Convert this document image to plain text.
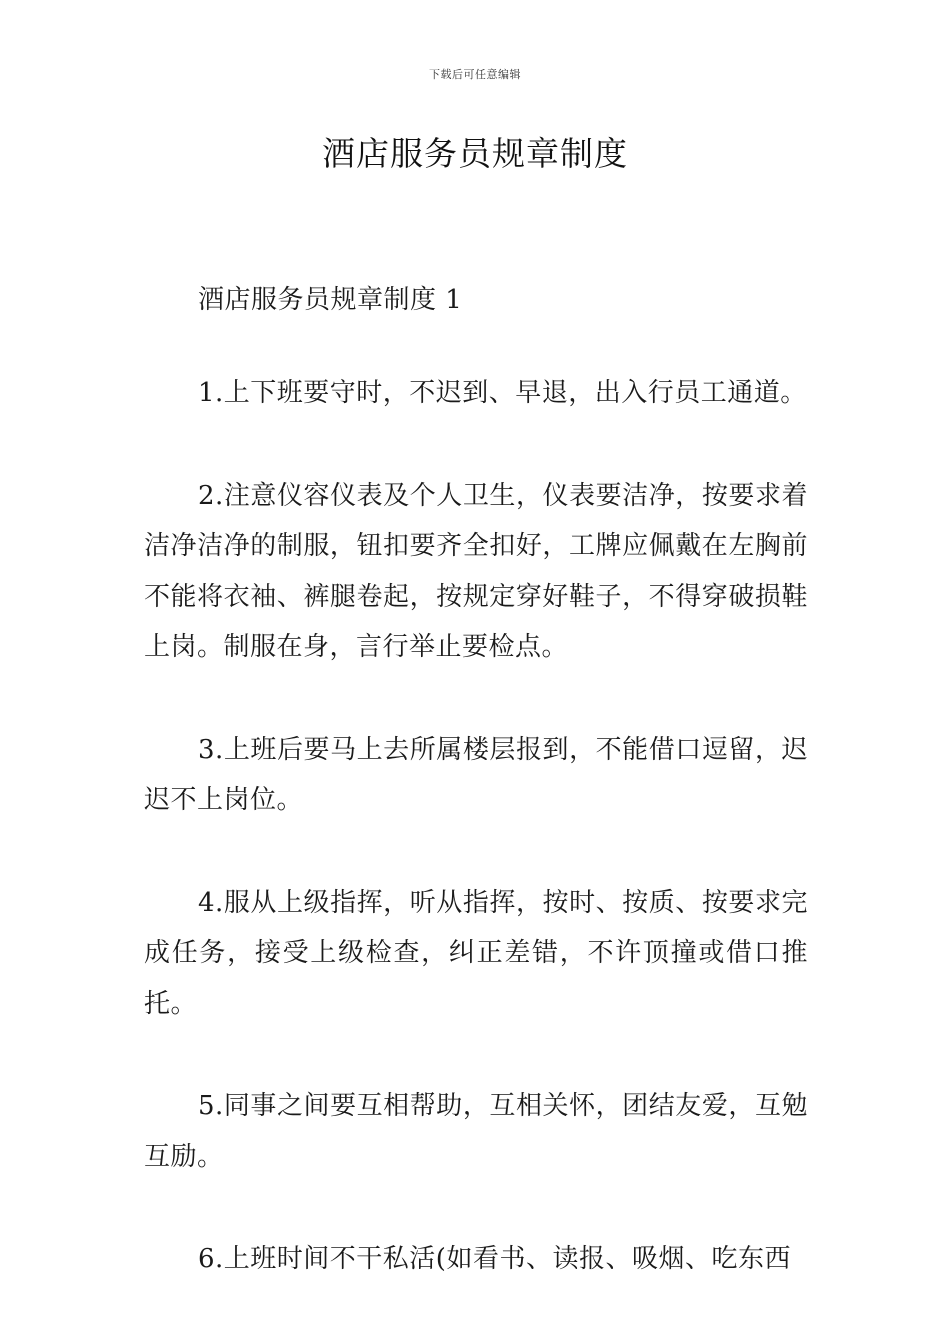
下载后可任意编辑
酒店服务员规章制度

酒店服务员规章制度 1

1.上下班要守时，不迟到、早退，出入行员工通道。

2.注意仪容仪表及个人卫生，仪表要洁净，按要求着洁净洁净的制服，钮扣要齐全扣好，工牌应佩戴在左胸前不能将衣袖、裤腿卷起，按规定穿好鞋子，不得穿破损鞋上岗。制服在身，言行举止要检点。

3.上班后要马上去所属楼层报到，不能借口逗留，迟迟不上岗位。

4.服从上级指挥，听从指挥，按时、按质、按要求完成任务，接受上级检查，纠正差错，不许顶撞或借口推托。

5.同事之间要互相帮助，互相关怀，团结友爱，互勉互励。

6.上班时间不干私活(如看书、读报、吸烟、吃东西
